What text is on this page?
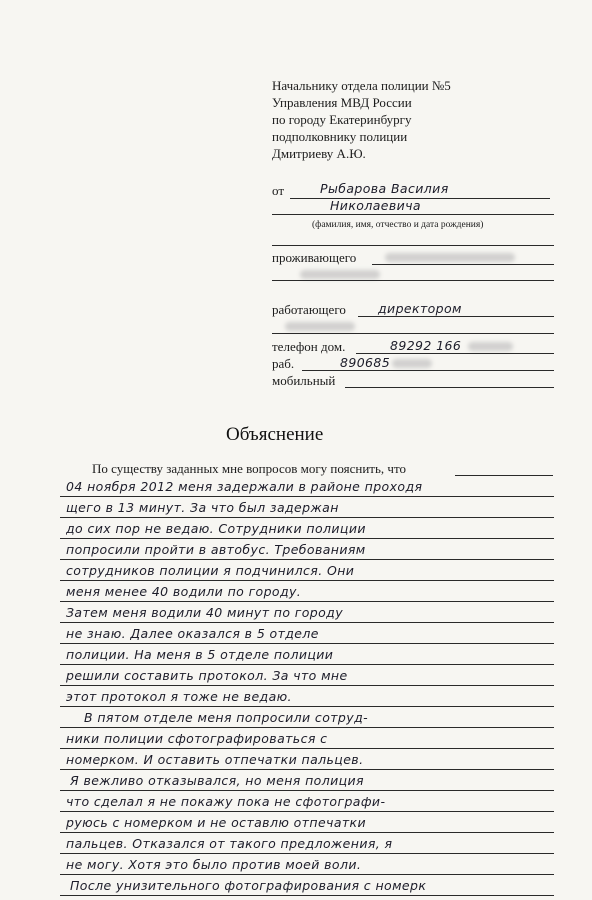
Начальнику отдела полиции №5
Управления МВД России
по городу Екатеринбургу
подполковнику полиции
Дмитриеву А.Ю.
от	Рыбарова Василия
Николаевича
(фамилия, имя, отчество и дата рождения)
проживающего
работающего	директором
телефон дом.	89292 166
раб.	890685
мобильный
Объяснение
По существу заданных мне вопросов могу пояснить, что
04 ноября 2012 меня задержали в районе проходя
щего в 13 минут. За что был задержан
до сих пор не ведаю. Сотрудники полиции
попросили пройти в автобус. Требованиям
сотрудников полиции я подчинился. Они
меня менее 40 водили по городу.
Затем меня водили 40 минут по городу
не знаю. Далее оказался в 5 отделе
полиции. На меня в 5 отделе полиции
решили составить протокол. За что мне
этот протокол я тоже не ведаю.
В пятом отделе меня попросили сотруд-
ники полиции сфотографироваться с
номерком. И оставить отпечатки пальцев.
Я вежливо отказывался, но меня полиция
что сделал я не покажу пока не сфотографи-
руюсь с номерком и не оставлю отпечатки
пальцев. Отказался от такого предложения, я
не могу. Хотя это было против моей воли.
После унизительного фотографирования с номерк
